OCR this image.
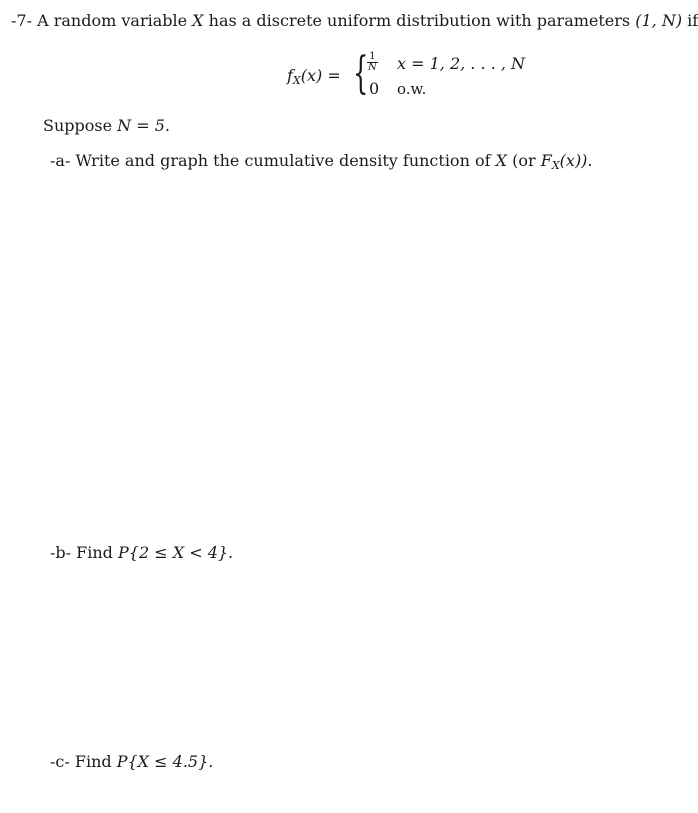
-7- A random variable X has a discrete uniform distribution with parameters (1, N) if
fX(x) = {
$\frac{1}{N}$ x = 1, 2, . . . , N
0 o.w.
Suppose N = 5.
-a- Write and graph the cumulative density function of X (or FX(x)).
-b- Find P{2 ≤ X < 4}.
-c- Find P{X ≤ 4.5}.
